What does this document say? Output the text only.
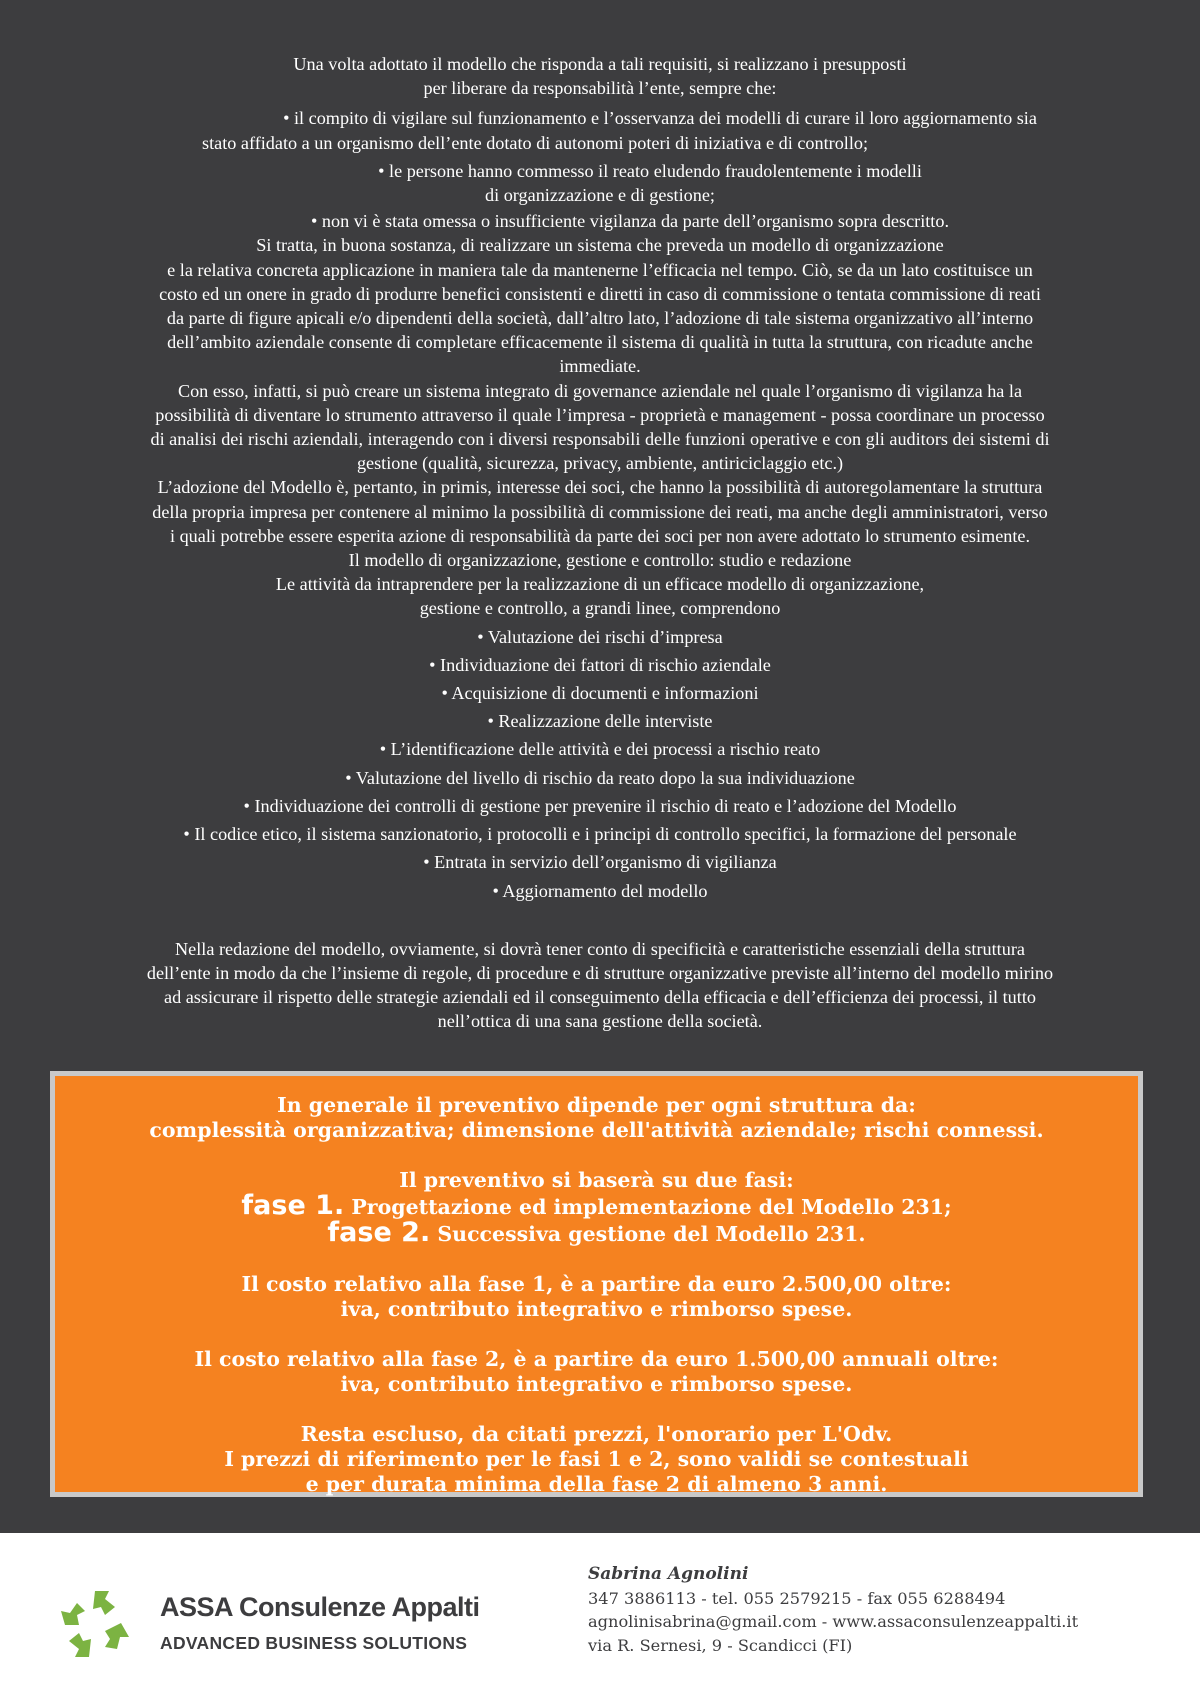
Una volta adottato il modello che risponda a tali requisiti, si realizzano i presupposti

per liberare da responsabilità l’ente, sempre che:

• il compito di vigilare sul funzionamento e l’osservanza dei modelli di curare il loro aggiornamento sia

stato affidato a un organismo dell’ente dotato di autonomi poteri di iniziativa e di controllo;

• le persone hanno commesso il reato eludendo fraudolentemente i modelli

di organizzazione e di gestione;

• non vi è stata omessa o insufficiente vigilanza da parte dell’organismo sopra descritto.

Si tratta, in buona sostanza, di realizzare un sistema che preveda un modello di organizzazione

e la relativa concreta applicazione in maniera tale da mantenerne l’efficacia nel tempo. Ciò, se da un lato costituisce un

costo ed un onere in grado di produrre benefici consistenti e diretti in caso di commissione o tentata commissione di reati

da parte di figure apicali e/o dipendenti della società, dall’altro lato, l’adozione di tale sistema organizzativo all’interno

dell’ambito aziendale consente di completare efficacemente il sistema di qualità in tutta la struttura, con ricadute anche

immediate.

Con esso, infatti, si può creare un sistema integrato di governance aziendale nel quale l’organismo di vigilanza ha la

possibilità di diventare lo strumento attraverso il quale l’impresa - proprietà e management - possa coordinare un processo

di analisi dei rischi aziendali, interagendo con i diversi responsabili delle funzioni operative e con gli auditors dei sistemi di

gestione (qualità, sicurezza, privacy, ambiente, antiriciclaggio etc.)

L’adozione del Modello è, pertanto, in primis, interesse dei soci, che hanno la possibilità di autoregolamentare la struttura

della propria impresa per contenere al minimo la possibilità di commissione dei reati, ma anche degli amministratori, verso

i quali potrebbe essere esperita azione di responsabilità da parte dei soci per non avere adottato lo strumento esimente.

Il modello di organizzazione, gestione e controllo: studio e redazione

Le attività da intraprendere per la realizzazione di un efficace modello di organizzazione,

gestione e controllo, a grandi linee, comprendono

• Valutazione dei rischi d’impresa
• Individuazione dei fattori di rischio aziendale
• Acquisizione di documenti e informazioni
• Realizzazione delle interviste
• L’identificazione delle attività e dei processi a rischio reato
• Valutazione del livello di rischio da reato dopo la sua individuazione
• Individuazione dei controlli di gestione per prevenire il rischio di reato e l’adozione del Modello
• Il codice etico, il sistema sanzionatorio, i protocolli e i principi di controllo specifici, la formazione del personale
• Entrata in servizio dell’organismo di vigilianza
• Aggiornamento del modello

Nella redazione del modello, ovviamente, si dovrà tener conto di specificità e caratteristiche essenziali della struttura

dell’ente in modo da che l’insieme di regole, di procedure e di strutture organizzative previste all’interno del modello mirino

ad assicurare il rispetto delle strategie aziendali ed il conseguimento della efficacia e dell’efficienza dei processi, il tutto

nell’ottica di una sana gestione della società.

In generale il preventivo dipende per ogni struttura da:

complessità organizzativa; dimensione dell'attività aziendale; rischi connessi.

Il preventivo si baserà su due fasi:

fase 1. Progettazione ed implementazione del Modello 231;

fase 2. Successiva gestione del Modello 231.

Il costo relativo alla fase 1, è a partire da euro 2.500,00 oltre:

iva, contributo integrativo e rimborso spese.

Il costo relativo alla fase 2, è a partire da euro 1.500,00 annuali oltre:

iva, contributo integrativo e rimborso spese.

Resta escluso, da citati prezzi, l'onorario per L'Odv.

I prezzi di riferimento per le fasi 1 e 2, sono validi se contestuali

e per durata minima della fase 2 di almeno 3 anni.

ASSA Consulenze Appalti
ADVANCED BUSINESS SOLUTIONS
Sabrina Agnolini
347 3886113 - tel. 055 2579215 - fax 055 6288494
agnolinisabrina@gmail.com - www.assaconsulenzeappalti.it
via R. Sernesi, 9 - Scandicci (FI)
